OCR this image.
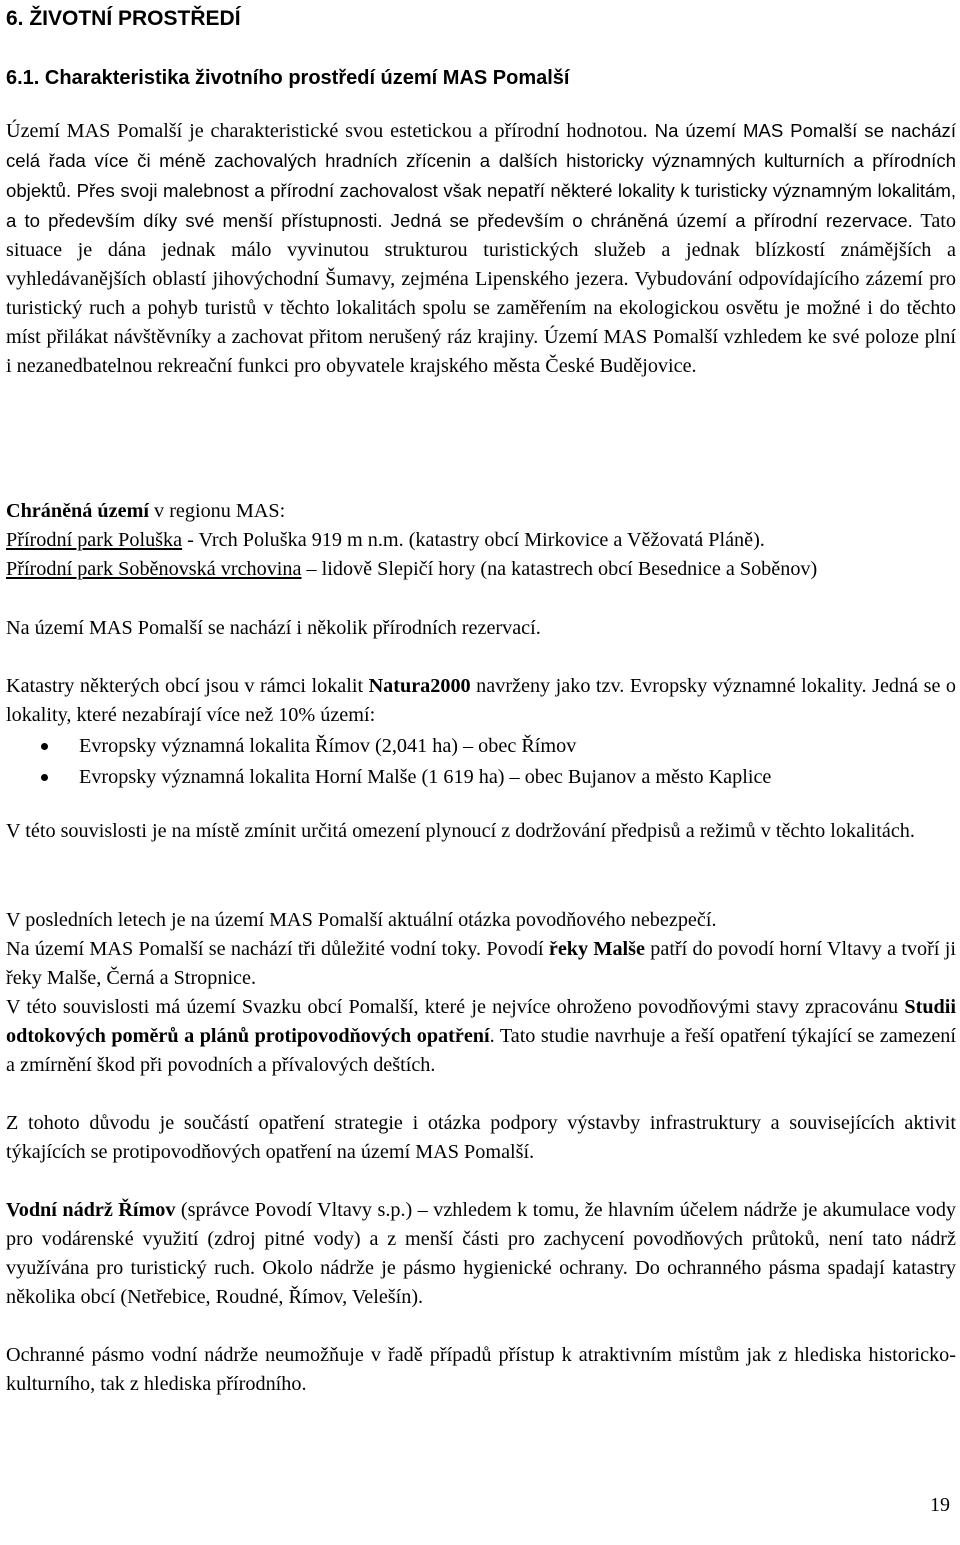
6. ŽIVOTNÍ PROSTŘEDÍ
6.1. Charakteristika životního prostředí území MAS Pomalší

Území MAS Pomalší je charakteristické svou estetickou a přírodní hodnotou. Na území MAS Pomalší se nachází celá řada více či méně zachovalých hradních zřícenin a dalších historicky významných kulturních a přírodních objektů. Přes svoji malebnost a přírodní zachovalost však nepatří některé lokality k turisticky významným lokalitám, a to především díky své menší přístupnosti. Jedná se především o chráněná území a přírodní rezervace. Tato situace je dána jednak málo vyvinutou strukturou turistických služeb a jednak blízkostí známějších a vyhledávanějších oblastí jihovýchodní Šumavy, zejména Lipenského jezera. Vybudování odpovídajícího zázemí pro turistický ruch a pohyb turistů v těchto lokalitách spolu se zaměřením na ekologickou osvětu je možné i do těchto míst přilákat návštěvníky a zachovat přitom nerušený ráz krajiny. Území MAS Pomalší vzhledem ke své poloze plní i nezanedbatelnou rekreační funkci pro obyvatele krajského města České Budějovice.

Chráněná území v regionu MAS:

Přírodní park Poluška - Vrch Poluška 919 m n.m. (katastry obcí Mirkovice a Věžovatá Pláně).

Přírodní park Soběnovská vrchovina – lidově Slepičí hory (na katastrech obcí Besednice a Soběnov)

Na území MAS Pomalší se nachází i několik přírodních rezervací.

Katastry některých obcí jsou v rámci lokalit Natura2000 navrženy jako tzv. Evropsky významné lokality. Jedná se o lokality, které nezabírají více než 10% území:

Evropsky významná lokalita Římov (2,041 ha) – obec Římov
Evropsky významná lokalita Horní Malše (1 619 ha) – obec Bujanov a město Kaplice

V této souvislosti je na místě zmínit určitá omezení plynoucí z dodržování předpisů a režimů v těchto lokalitách.

V posledních letech je na území MAS Pomalší aktuální otázka povodňového nebezpečí.

Na území MAS Pomalší se nachází tři důležité vodní toky. Povodí řeky Malše patří do povodí horní Vltavy a tvoří ji řeky Malše, Černá a Stropnice.

V této souvislosti má území Svazku obcí Pomalší, které je nejvíce ohroženo povodňovými stavy zpracovánu Studii odtokových poměrů a plánů protipovodňových opatření. Tato studie navrhuje a řeší opatření týkající se zamezení a zmírnění škod při povodních a přívalových deštích.

Z tohoto důvodu je součástí opatření strategie i otázka podpory výstavby infrastruktury a souvisejících aktivit týkajících se protipovodňových opatření na území MAS Pomalší.

Vodní nádrž Římov (správce Povodí Vltavy s.p.) – vzhledem k tomu, že hlavním účelem nádrže je akumulace vody pro vodárenské využití (zdroj pitné vody) a z menší části pro zachycení povodňových průtoků, není tato nádrž využívána pro turistický ruch. Okolo nádrže je pásmo hygienické ochrany. Do ochranného pásma spadají katastry několika obcí (Netřebice, Roudné, Římov, Velešín).

Ochranné pásmo vodní nádrže neumožňuje v řadě případů přístup k atraktivním místům jak z hlediska historicko-kulturního, tak z hlediska přírodního.

19
